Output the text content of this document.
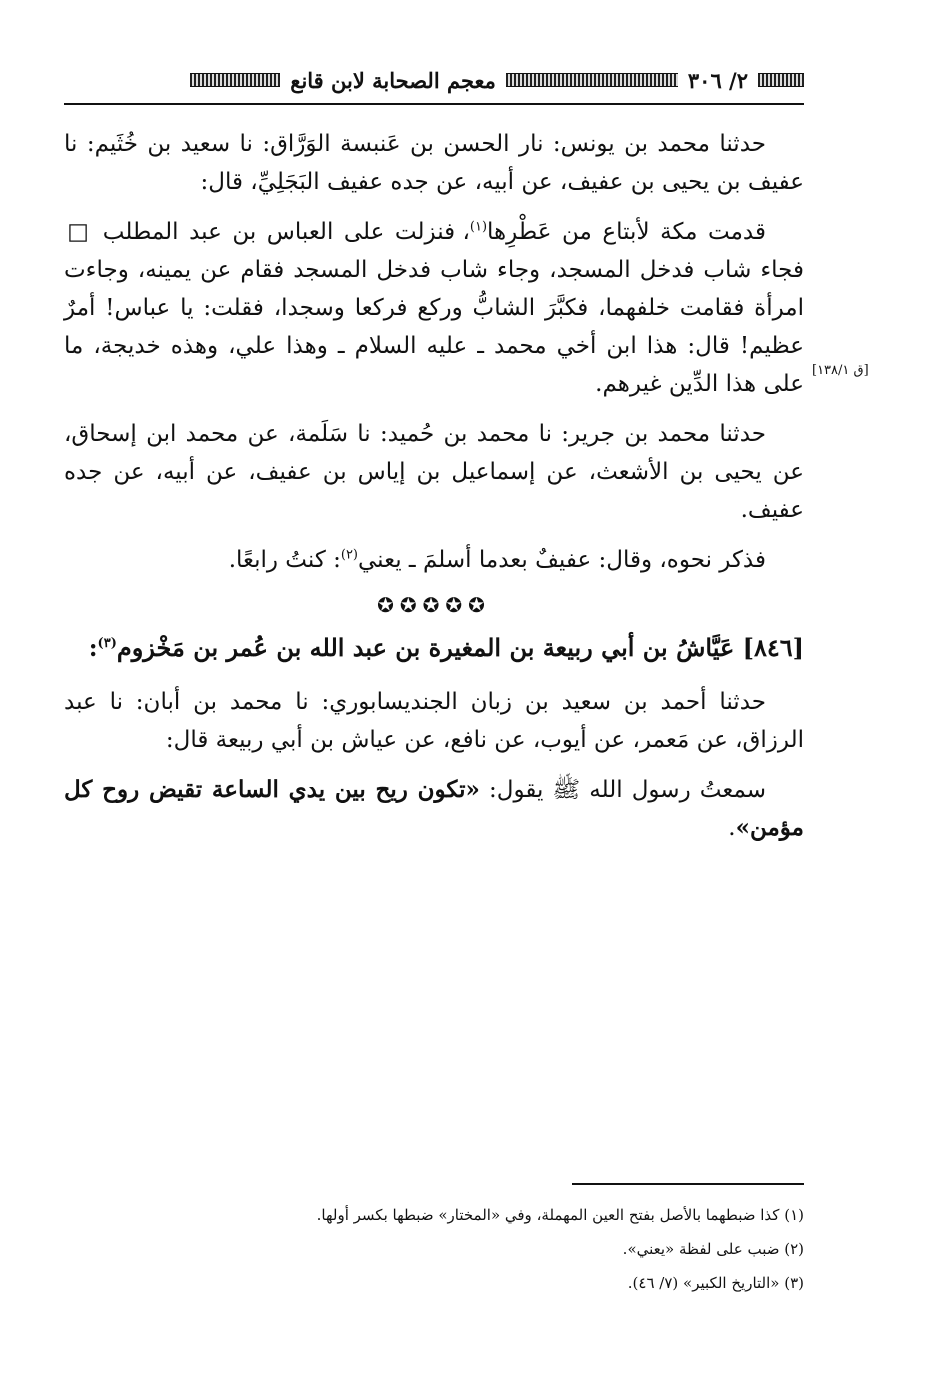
٢/ ٣٠٦
معجم الصحابة لابن قانع
[ق ١٣٨/١]

حدثنا محمد بن يونس: نار الحسن بن عَنبسة الوَرَّاق: نا سعيد بن خُثَيم: نا عفيف بن يحيى بن عفيف، عن أبيه، عن جده عفيف البَجَلِيِّ، قال:

قدمت مكة لأبتاع من عَطْرِها$^{(١)}$، فنزلت على العباس بن عبد المطلب □ فجاء شاب فدخل المسجد، وجاء شاب فدخل المسجد فقام عن يمينه، وجاءت امرأة فقامت خلفهما، فكبَّرَ الشابُّ وركع فركعا وسجدا، فقلت: يا عباس! أمرٌ عظيم! قال: هذا ابن أخي محمد ـ عليه السلام ـ وهذا علي، وهذه خديجة، ما على هذا الدِّين غيرهم.

حدثنا محمد بن جرير: نا محمد بن حُميد: نا سَلَمة، عن محمد ابن إسحاق، عن يحيى بن الأشعث، عن إسماعيل بن إياس بن عفيف، عن أبيه، عن جده عفيف.

فذكر نحوه، وقال: عفيفٌ بعدما أسلمَ ـ يعني$^{(٢)}$: كنتُ رابعًا.

✪✪✪✪✪

[٨٤٦] عَيَّاشُ بن أبي ربيعة بن المغيرة بن عبد الله بن عُمر بن مَخْزوم$^{(٣)}$:

حدثنا أحمد بن سعيد بن زبان الجنديسابوري: نا محمد بن أبان: نا عبد الرزاق، عن مَعمر، عن أيوب، عن نافع، عن عياش بن أبي ربيعة قال:

سمعتُ رسول الله ﷺ يقول: «تكون ريح بين يدي الساعة تقيض روح كل مؤمن».

(١) كذا ضبطهما بالأصل بفتح العين المهملة، وفي «المختار» ضبطها بكسر أولها.

(٢) ضبب على لفظة «يعني».

(٣) «التاريخ الكبير» (٧/ ٤٦).
